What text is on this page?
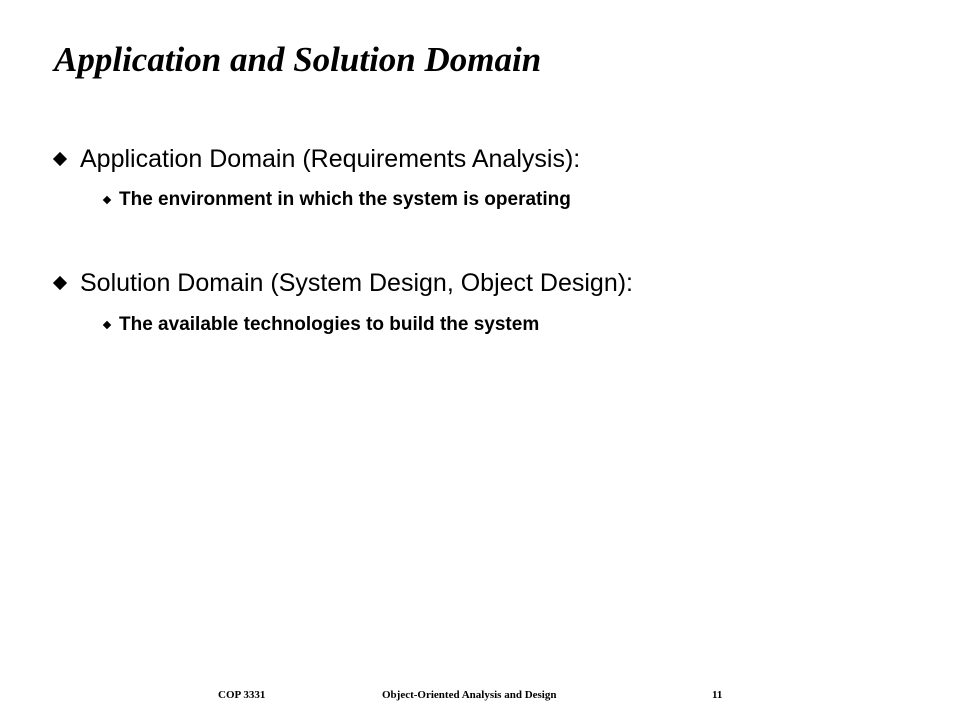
Application and Solution Domain
Application Domain (Requirements Analysis):
The environment in which the system is operating
Solution Domain (System Design, Object Design):
The available technologies to build the system
COP 3331	Object-Oriented Analysis and Design	11
